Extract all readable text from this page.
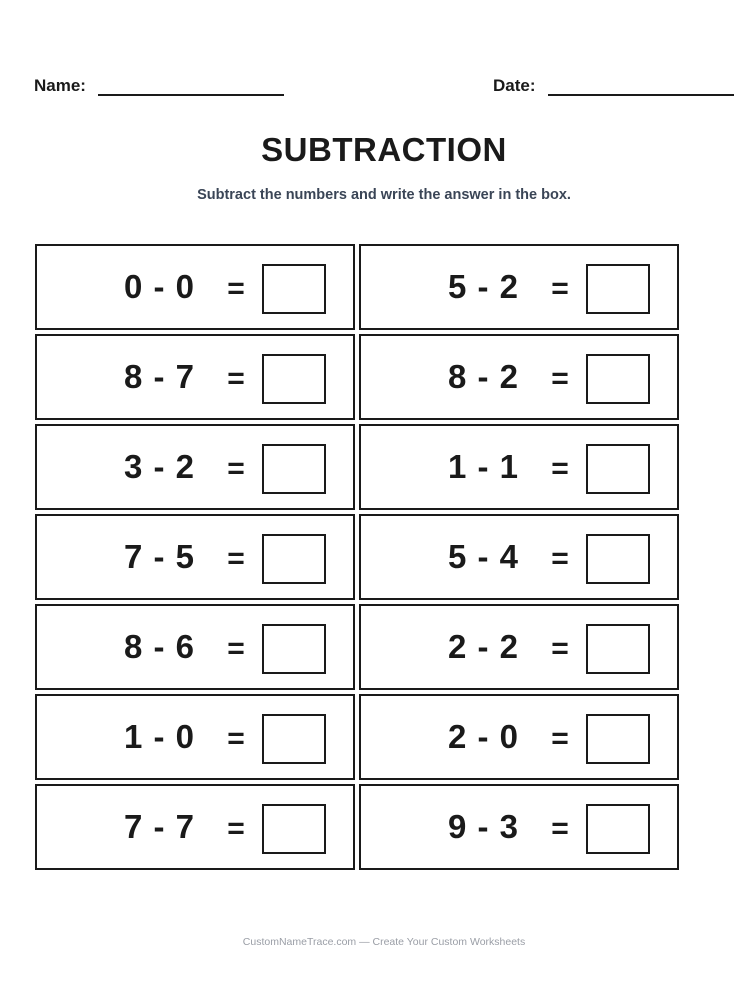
Name:	Date:
SUBTRACTION
Subtract the numbers and write the answer in the box.
0 - 0	=	5 - 2	=
8 - 7	=	8 - 2	=
3 - 2	=	1 - 1	=
7 - 5	=	5 - 4	=
8 - 6	=	2 - 2	=
1 - 0	=	2 - 0	=
7 - 7	=	9 - 3	=
CustomNameTrace.com — Create Your Custom Worksheets
